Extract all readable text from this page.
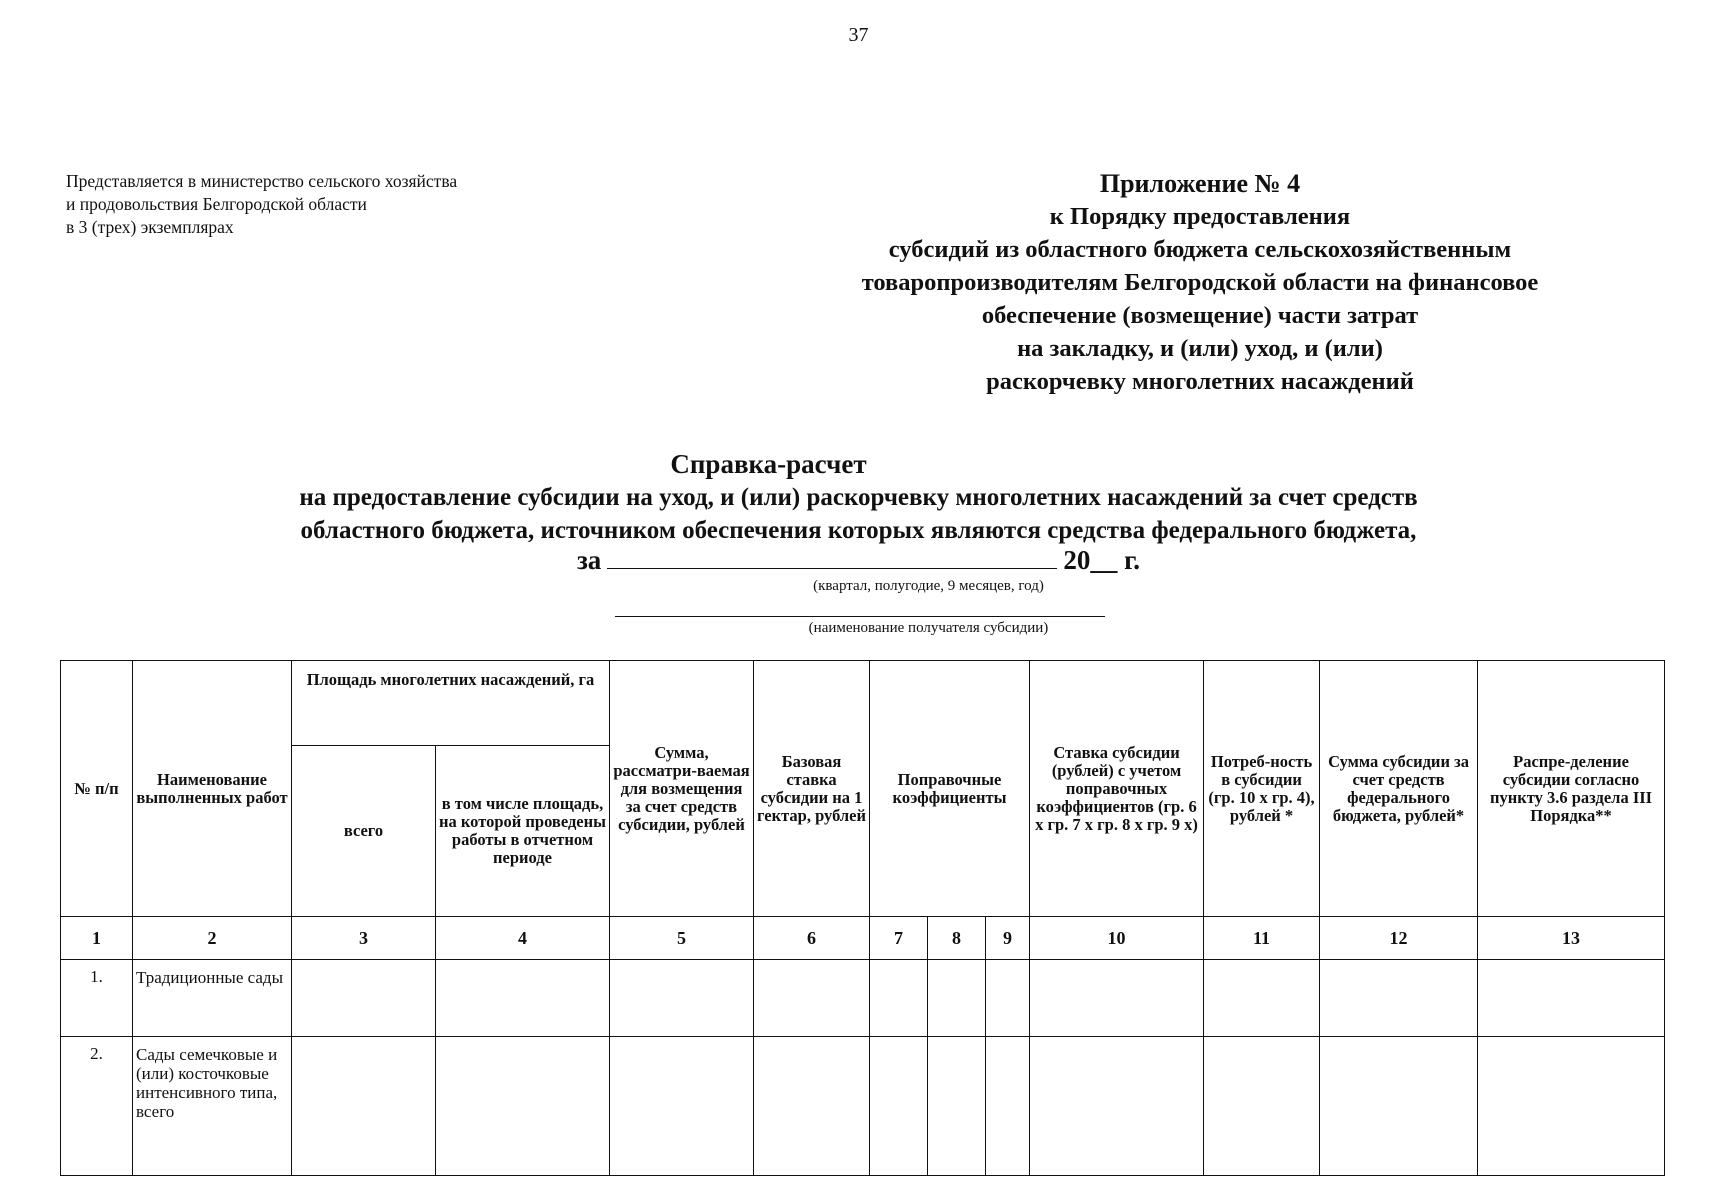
37
Представляется в министерство сельского хозяйства
и продовольствия Белгородской области
в 3 (трех) экземплярах
Приложение № 4
к Порядку предоставления
субсидий из областного бюджета сельскохозяйственным
товаропроизводителям Белгородской области на финансовое
обеспечение (возмещение) части затрат
на закладку, и (или) уход, и (или)
раскорчевку многолетних насаждений
Справка-расчет
на предоставление субсидии на уход, и (или) раскорчевку многолетних насаждений за счет средств
областного бюджета, источником обеспечения которых являются средства федерального бюджета,
за	20__ г.
(квартал, полугодие, 9 месяцев, год)
(наименование получателя субсидии)
№ п/п	Наименование выполненных работ	Площадь многолетних насаждений, га		Сумма, рассматри-ваемая для возмещения за счет средств субсидии, рублей	Базовая ставка субсидии на 1 гектар, рублей	Поправочные коэффициенты			Ставка субсидии (рублей) с учетом поправочных коэффициентов (гр. 6 х гр. 7 х гр. 8 х гр. 9 х)	Потреб-ность в субсидии (гр. 10 х гр. 4), рублей *	Сумма субсидии за счет средств федерального бюджета, рублей*	Распре-деление субсидии согласно пункту 3.6 раздела III Порядка**
		всего	в том числе площадь, на которой проведены работы в отчетном периоде									
1	2	3	4	5	6	7	8	9	10	11	12	13
1.	Традиционные сады											
2.	Сады семечковые и (или) косточковые интенсивного типа, всего											
